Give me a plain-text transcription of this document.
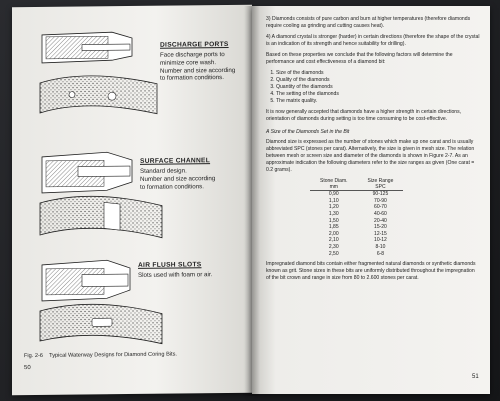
DISCHARGE PORTS
Face discharge ports to
minimize core wash.
Number and size according
to formation conditions.
SURFACE CHANNEL
Standard design.
Number and size according
to formation conditions.
AIR FLUSH SLOTS
Slots used with foam or air.
Fig. 2-6 Typical Waterway Designs for Diamond Coring Bits.
50

3) Diamonds consists of pure carbon and burn at higher temperatures (therefore diamonds require cooling as grinding and cutting causes heat).

4) A diamond crystal is stronger (harder) in certain directions (therefore the shape of the crystal is an indication of its strength and hence suitability for drilling).

Based on these properties we conclude that the following factors will determine the performance and cost effectiveness of a diamond bit:

1. Size of the diamonds
2. Quality of the diamonds
3. Quantity of the diamonds
4. The setting of the diamonds
5. The matrix quality.

It is now generally accepted that diamonds have a higher strength in certain directions, orientation of diamonds during setting is too time consuming to be cost-effective.

A Size of the Diamonds Set in the Bit

Diamond size is expressed as the number of stones which make up one carat and is usually abbreviated SPC (stones per carat). Alternatively, the size is given in mesh size. The relation between mesh or screen size and diameter of the diamonds is shown in Figure 2-7. As an approximate indication the following diameters refer to the size ranges as given (One carat = 0.2 grams).

Stone Diam.	Size Range
mm	SPC
0,90	90-125
1,10	70-90
1,20	60-70
1,30	40-60
1,50	20-40
1,85	15-20
2,00	12-15
2,10	10-12
2,30	8-10
2,50	6-8

Impregnated diamond bits contain either fragmented natural diamonds or synthetic diamonds known as grit. Stone sizes in these bits are uniformly distributed throughout the impregnation of the bit crown and range in size from 80 to 2.600 stones per carat.

51
